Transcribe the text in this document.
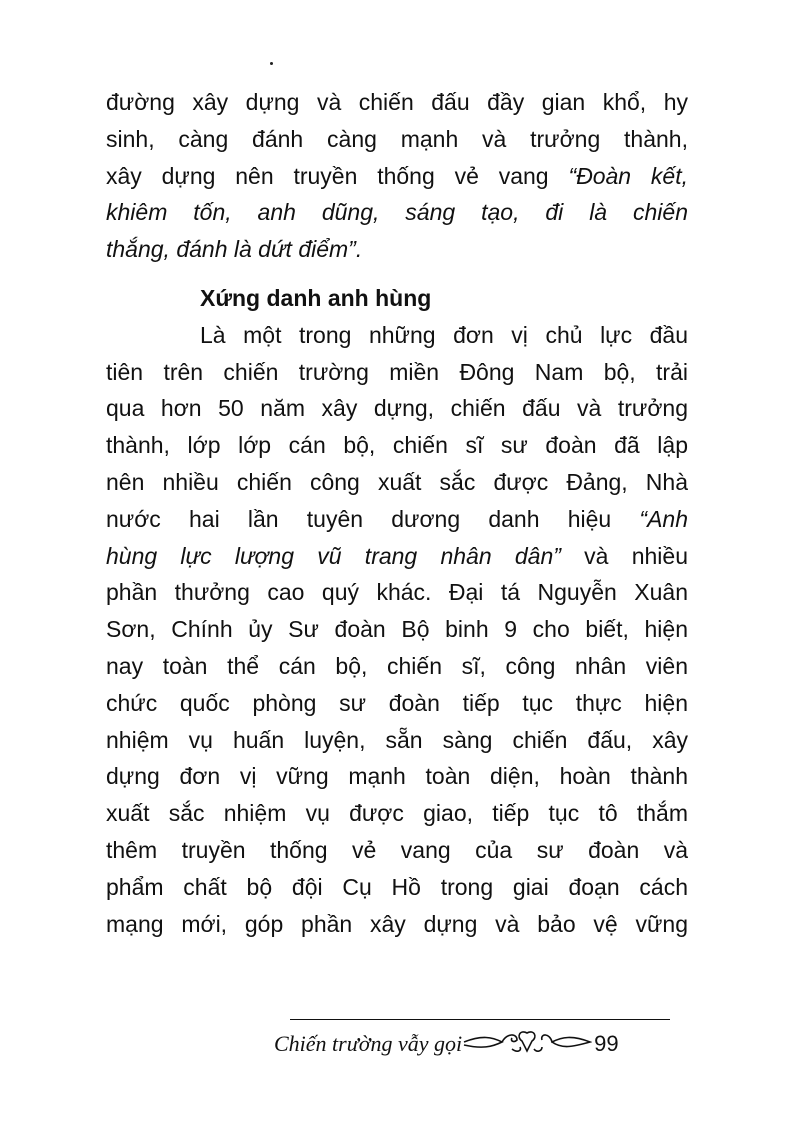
đường xây dựng và chiến đấu đầy gian khổ, hy
sinh, càng đánh càng mạnh và trưởng thành,
xây dựng nên truyền thống vẻ vang “Đoàn kết,
khiêm tốn, anh dũng, sáng tạo, đi là chiến
thắng, đánh là dứt điểm”.
Xứng danh anh hùng
Là một trong những đơn vị chủ lực đầu
tiên trên chiến trường miền Đông Nam bộ, trải
qua hơn 50 năm xây dựng, chiến đấu và trưởng
thành, lớp lớp cán bộ, chiến sĩ sư đoàn đã lập
nên nhiều chiến công xuất sắc được Đảng, Nhà
nước hai lần tuyên dương danh hiệu “Anh
hùng lực lượng vũ trang nhân dân” và nhiều
phần thưởng cao quý khác. Đại tá Nguyễn Xuân
Sơn, Chính ủy Sư đoàn Bộ binh 9 cho biết, hiện
nay toàn thể cán bộ, chiến sĩ, công nhân viên
chức quốc phòng sư đoàn tiếp tục thực hiện
nhiệm vụ huấn luyện, sẵn sàng chiến đấu, xây
dựng đơn vị vững mạnh toàn diện, hoàn thành
xuất sắc nhiệm vụ được giao, tiếp tục tô thắm
thêm truyền thống vẻ vang của sư đoàn và
phẩm chất bộ đội Cụ Hồ trong giai đoạn cách
mạng mới, góp phần xây dựng và bảo vệ vững
Chiến trường vẫy gọi	99
